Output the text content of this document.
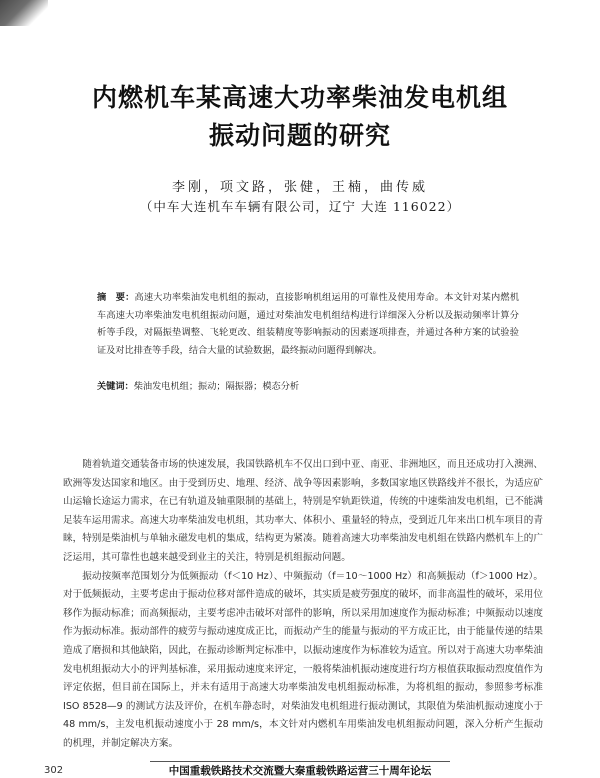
内燃机车某高速大功率柴油发电机组
振动问题的研究
李刚，项文路，张健，王楠，曲传威
（中车大连机车车辆有限公司，辽宁 大连 116022）
摘　要：高速大功率柴油发电机组的振动，直接影响机组运用的可靠性及使用寿命。本文针对某内燃机车高速大功率柴油发电机组振动问题，通过对柴油发电机组结构进行详细深入分析以及振动频率计算分析等手段，对隔振垫调整、飞轮更改、组装精度等影响振动的因素逐项排查，并通过各种方案的试验验证及对比排查等手段，结合大量的试验数据，最终振动问题得到解决。
关键词：柴油发电机组；振动；隔振器；模态分析

随着轨道交通装备市场的快速发展，我国铁路机车不仅出口到中亚、南亚、非洲地区，而且还成功打入澳洲、欧洲等发达国家和地区。由于受到历史、地理、经济、战争等因素影响，多数国家地区铁路线并不很长，为适应矿山运输长途运力需求，在已有轨道及轴重限制的基础上，特别是窄轨距铁道，传统的中速柴油发电机组，已不能满足装车运用需求。高速大功率柴油发电机组，其功率大、体积小、重量轻的特点，受到近几年来出口机车项目的青睐，特别是柴油机与单轴永磁发电机的集成，结构更为紧凑。随着高速大功率柴油发电机组在铁路内燃机车上的广泛运用，其可靠性也越来越受到业主的关注，特别是机组振动问题。

振动按频率范围划分为低频振动（f＜10 Hz）、中频振动（f＝10～1000 Hz）和高频振动（f＞1000 Hz）。对于低频振动，主要考虑由于振动位移对部件造成的破坏，其实质是疲劳强度的破坏，而非高温性的破坏，采用位移作为振动标准；而高频振动，主要考虑冲击破坏对部件的影响，所以采用加速度作为振动标准；中频振动以速度作为振动标准。振动部件的疲劳与振动速度成正比，而振动产生的能量与振动的平方成正比，由于能量传递的结果造成了磨损和其他缺陷，因此，在振动诊断判定标准中，以振动速度作为标准较为适宜。所以对于高速大功率柴油发电机组振动大小的评判基标准，采用振动速度来评定，一般将柴油机振动速度进行均方根值获取振动烈度值作为评定依据，但目前在国际上，并未有适用于高速大功率柴油发电机组振动标准，为将机组的振动，参照参考标准 ISO 8528—9 的测试方法及评价，在机车静态时，对柴油发电机组进行振动测试，其限值为柴油机振动速度小于 48 mm/s，主发电机振动速度小于 28 mm/s，本文针对内燃机车用柴油发电机组振动问题，深入分析产生振动的机理，并制定解决方案。

302	中国重载铁路技术交流暨大秦重载铁路运营三十周年论坛
